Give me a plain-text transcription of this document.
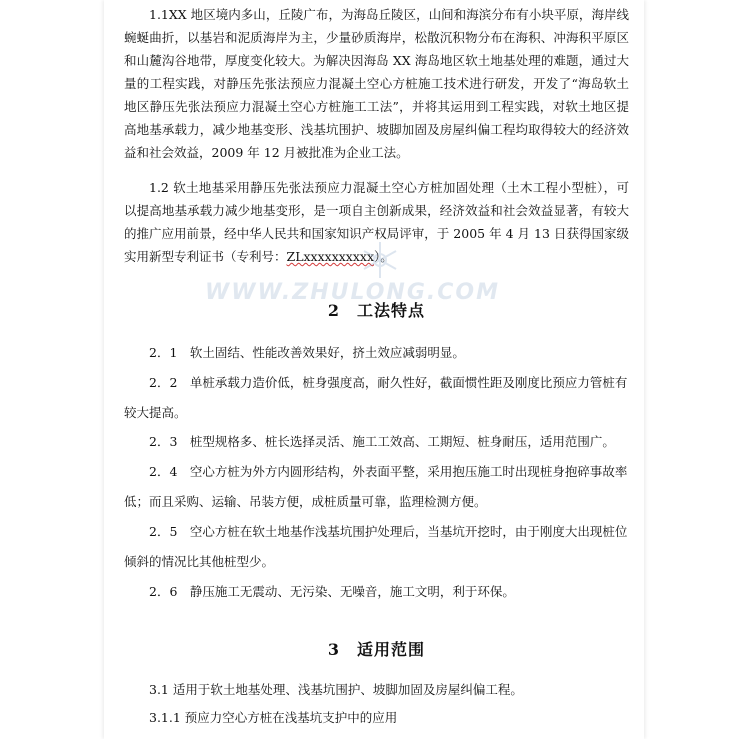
1.1XX 地区境内多山，丘陵广布，为海岛丘陵区，山间和海滨分布有小块平原，海岸线蜿蜒曲折，以基岩和泥质海岸为主，少量砂质海岸，松散沉积物分布在海积、冲海积平原区和山麓沟谷地带，厚度变化较大。为解决因海岛 XX 海岛地区软土地基处理的难题，通过大量的工程实践，对静压先张法预应力混凝土空心方桩施工技术进行研发，开发了“海岛软土地区静压先张法预应力混凝土空心方桩施工工法”，并将其运用到工程实践，对软土地区提高地基承载力，减少地基变形、浅基坑围护、坡脚加固及房屋纠偏工程均取得较大的经济效益和社会效益，2009 年 12 月被批准为企业工法。

1.2 软土地基采用静压先张法预应力混凝土空心方桩加固处理（土木工程小型桩），可以提高地基承载力减少地基变形，是一项自主创新成果，经济效益和社会效益显著，有较大的推广应用前景，经中华人民共和国家知识产权局评审，于 2005 年 4 月 13 日获得国家级实用新型专利证书（专利号：ZLxxxxxxxxxx）。

WWW.ZHULONG.COM
2　工法特点

2．1　软土固结、性能改善效果好，挤土效应减弱明显。

2．2　单桩承载力造价低，桩身强度高，耐久性好，截面惯性距及刚度比预应力管桩有较大提高。

2．3　桩型规格多、桩长选择灵活、施工工效高、工期短、桩身耐压，适用范围广。

2．4　空心方桩为外方内圆形结构，外表面平整，采用抱压施工时出现桩身抱碎事故率低；而且采购、运输、吊装方便，成桩质量可靠，监理检测方便。

2．5　空心方桩在软土地基作浅基坑围护处理后，当基坑开挖时，由于刚度大出现桩位倾斜的情况比其他桩型少。

2．6　静压施工无震动、无污染、无噪音，施工文明，利于环保。

3　适用范围

3.1 适用于软土地基处理、浅基坑围护、坡脚加固及房屋纠偏工程。

3.1.1 预应力空心方桩在浅基坑支护中的应用
